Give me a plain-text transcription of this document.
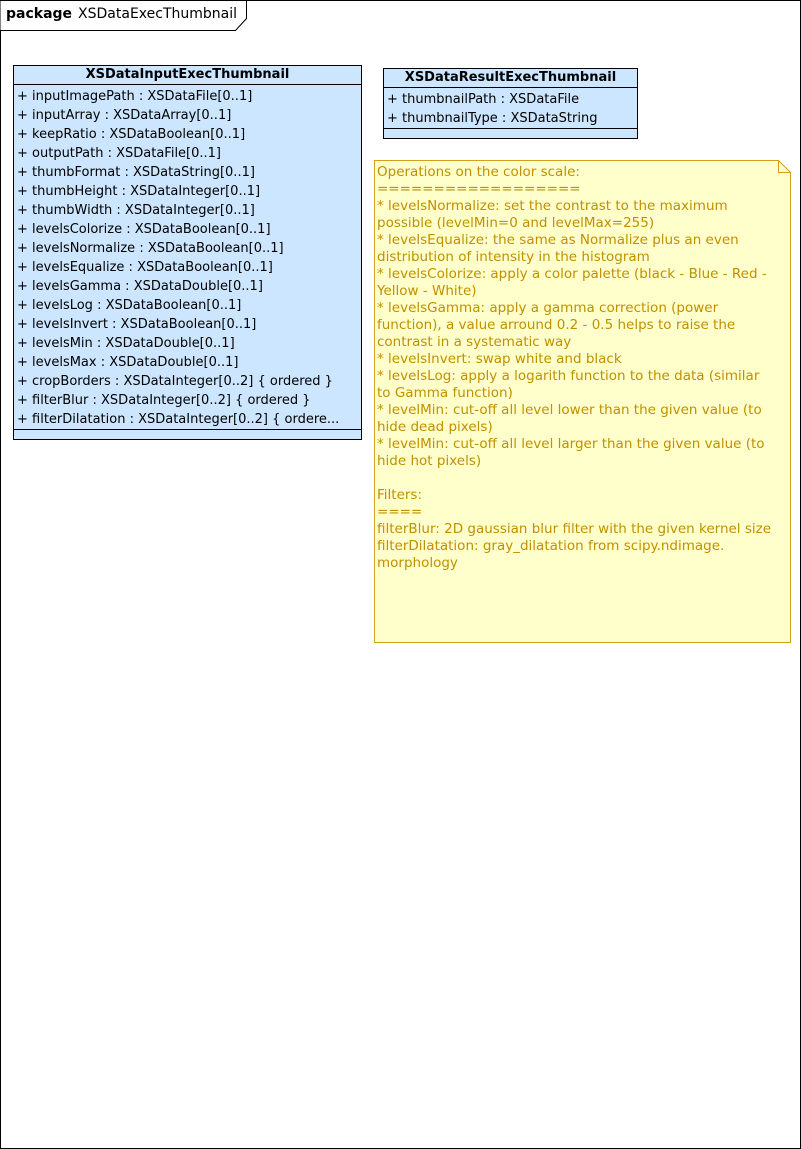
package XSDataExecThumbnail
XSDataInputExecThumbnail
+ inputImagePath : XSDataFile[0..1]
+ inputArray : XSDataArray[0..1]
+ keepRatio : XSDataBoolean[0..1]
+ outputPath : XSDataFile[0..1]
+ thumbFormat : XSDataString[0..1]
+ thumbHeight : XSDataInteger[0..1]
+ thumbWidth : XSDataInteger[0..1]
+ levelsColorize : XSDataBoolean[0..1]
+ levelsNormalize : XSDataBoolean[0..1]
+ levelsEqualize : XSDataBoolean[0..1]
+ levelsGamma : XSDataDouble[0..1]
+ levelsLog : XSDataBoolean[0..1]
+ levelsInvert : XSDataBoolean[0..1]
+ levelsMin : XSDataDouble[0..1]
+ levelsMax : XSDataDouble[0..1]
+ cropBorders : XSDataInteger[0..2] { ordered }
+ filterBlur : XSDataInteger[0..2] { ordered }
+ filterDilatation : XSDataInteger[0..2] { ordere...
XSDataResultExecThumbnail
+ thumbnailPath : XSDataFile
+ thumbnailType : XSDataString
Operations on the color scale:
==================
* levelsNormalize: set the contrast to the maximum possible (levelMin=0 and levelMax=255)
* levelsEqualize: the same as Normalize plus an even distribution of intensity in the histogram
* levelsColorize: apply a color palette (black - Blue - Red - Yellow - White)
* levelsGamma: apply a gamma correction (power function), a value arround 0.2 - 0.5 helps to raise the contrast in a systematic way
* levelsInvert: swap white and black
* levelsLog: apply a logarith function to the data (similar to Gamma function)
* levelMin: cut-off all level lower than the given value (to hide dead pixels)
* levelMin: cut-off all level larger than the given value (to hide hot pixels)

Filters:
====
filterBlur: 2D gaussian blur filter with the given kernel size
filterDilatation: gray_dilatation from scipy.ndimage.
morphology
